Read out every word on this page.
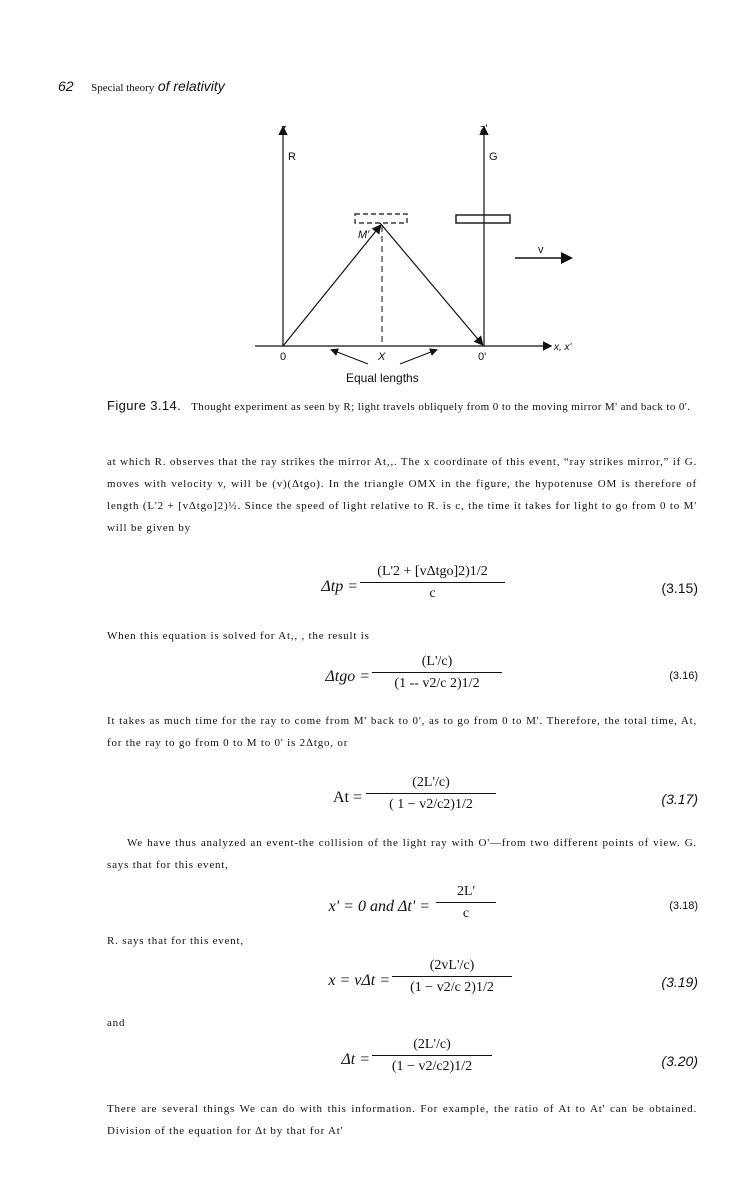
62 Special theory of relativity
z
R
z'
G
M'
v
0	X	0'
x, x'
Equal lengths
Figure 3.14. Thought experiment as seen by R; light travels obliquely from 0 to the moving mirror M' and back to 0'.
at which R. observes that the ray strikes the mirror At,,. The x coordinate of this event, “ray strikes mirror,” if G. moves with velocity v, will be (v)(Δtgo). In the triangle OMX in the figure, the hypotenuse OM is therefore of length (L'2 + [vΔtgo]2)½. Since the speed of light relative to R. is c, the time it takes for light to go from 0 to M' will be given by
Δtp =
(L'2 + [vΔtgo]2)1/2
c	(3.15)
When this equation is solved for At,, , the result is
$\Delta tgo = \frac{(L'/c)}{(1 -- v2/c 2)1/2}$	(3.16)
It takes as much time for the ray to come from M' back to 0', as to go from 0 to M'. Therefore, the total time, At, for the ray to go from 0 to M to 0' is 2Δtgo, or
$At = \frac{(2L'/c)}{( 1 - v2/c2)1/2}$	(3.17)
We have thus analyzed an event-the collision of the light ray with O'—from two different points of view. G. says that for this event,
x' = 0 and $\Delta t' = \frac{2L'}{c}$	(3.18)
R. says that for this event,
$x = v\Delta t = \frac{(2vL'/c)}{(1 - v2/c 2)1/2}$	(3.19)
and
$\Delta t = \frac{(2L'/c)}{(1 - v2/c2)1/2}$	(3.20)
There are several things We can do with this information. For example, the ratio of At to At' can be obtained. Division of the equation for Δt by that for At'
